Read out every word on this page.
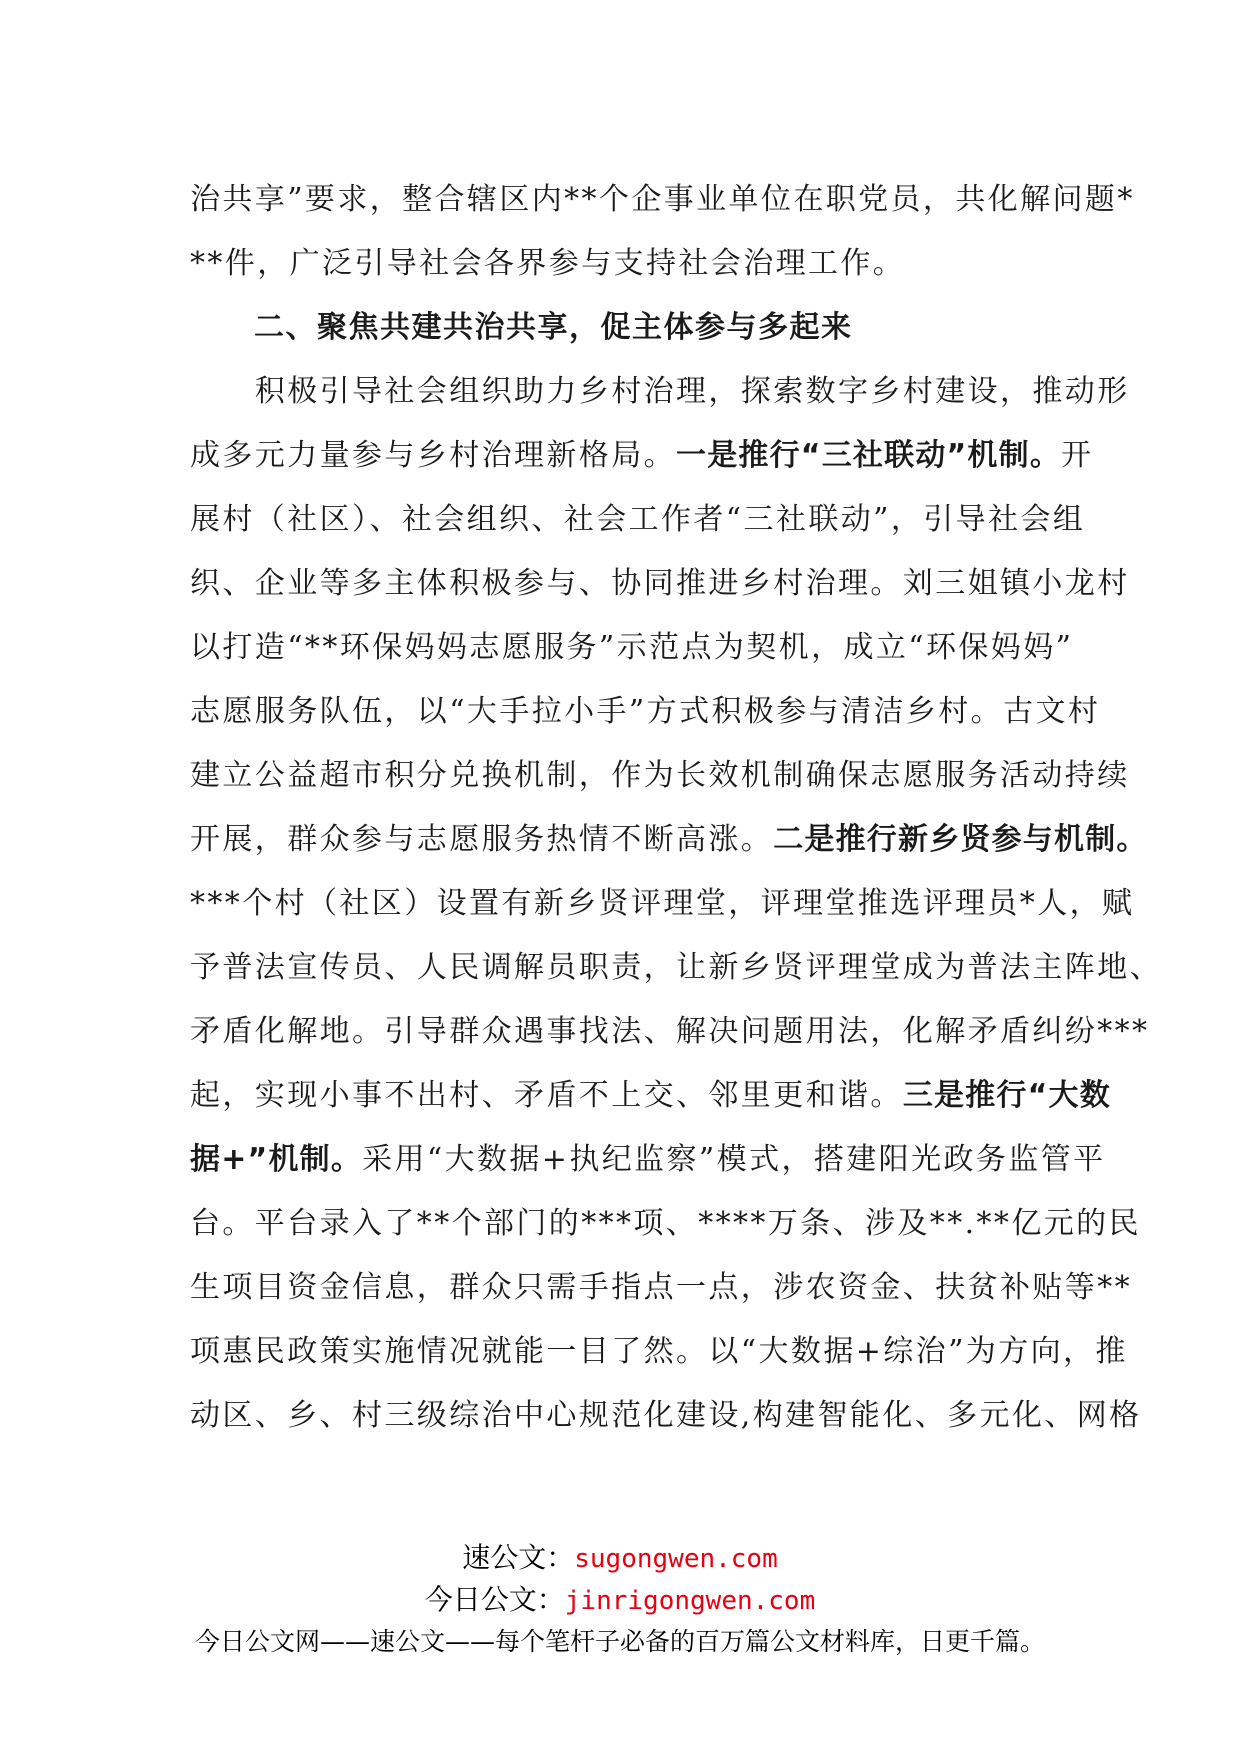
治共享”要求，整合辖区内**个企事业单位在职党员，共化解问题*
**件，广泛引导社会各界参与支持社会治理工作。
二、聚焦共建共治共享，促主体参与多起来
　　积极引导社会组织助力乡村治理，探索数字乡村建设，推动形
成多元力量参与乡村治理新格局。一是推行“三社联动”机制。开
展村（社区）、社会组织、社会工作者“三社联动”，引导社会组
织、企业等多主体积极参与、协同推进乡村治理。刘三姐镇小龙村
以打造“**环保妈妈志愿服务”示范点为契机，成立“环保妈妈”
志愿服务队伍，以“大手拉小手”方式积极参与清洁乡村。古文村
建立公益超市积分兑换机制，作为长效机制确保志愿服务活动持续
开展，群众参与志愿服务热情不断高涨。二是推行新乡贤参与机制。
***个村（社区）设置有新乡贤评理堂，评理堂推选评理员*人，赋
予普法宣传员、人民调解员职责，让新乡贤评理堂成为普法主阵地、
矛盾化解地。引导群众遇事找法、解决问题用法，化解矛盾纠纷***
起，实现小事不出村、矛盾不上交、邻里更和谐。三是推行“大数
据+”机制。采用“大数据+执纪监察”模式，搭建阳光政务监管平
台。平台录入了**个部门的***项、****万条、涉及**.**亿元的民
生项目资金信息，群众只需手指点一点，涉农资金、扶贫补贴等**
项惠民政策实施情况就能一目了然。以“大数据+综治”为方向，推
动区、乡、村三级综治中心规范化建设,构建智能化、多元化、网格
速公文：sugongwen.com
今日公文：jinrigongwen.com
今日公文网——速公文——每个笔杆子必备的百万篇公文材料库，日更千篇。
